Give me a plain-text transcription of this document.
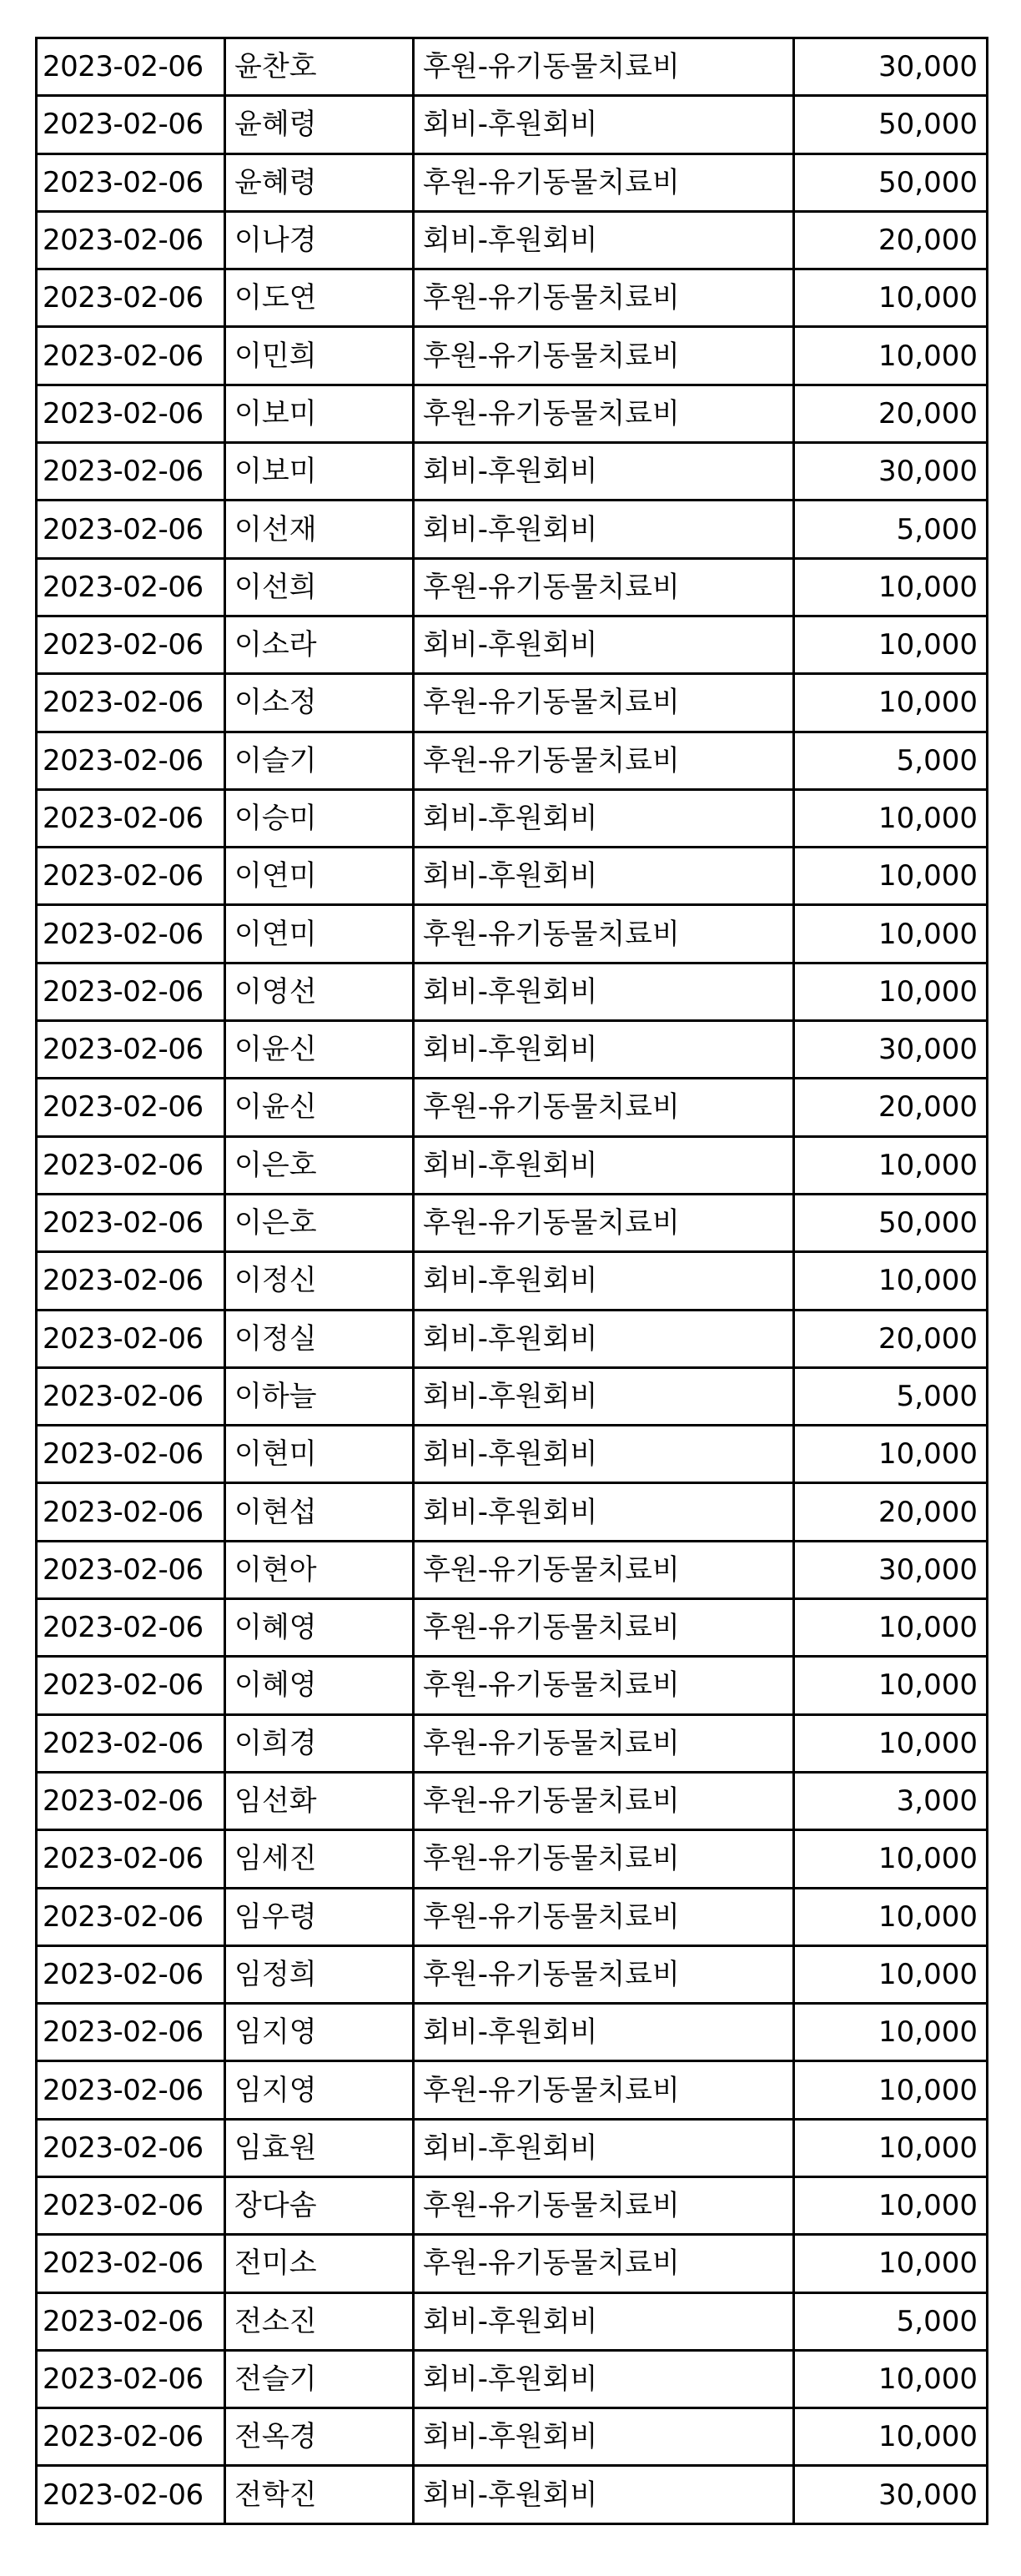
2023-02-06	윤찬호	후원-유기동물치료비	30,000
2023-02-06	윤혜령	회비-후원회비	50,000
2023-02-06	윤혜령	후원-유기동물치료비	50,000
2023-02-06	이나경	회비-후원회비	20,000
2023-02-06	이도연	후원-유기동물치료비	10,000
2023-02-06	이민희	후원-유기동물치료비	10,000
2023-02-06	이보미	후원-유기동물치료비	20,000
2023-02-06	이보미	회비-후원회비	30,000
2023-02-06	이선재	회비-후원회비	5,000
2023-02-06	이선희	후원-유기동물치료비	10,000
2023-02-06	이소라	회비-후원회비	10,000
2023-02-06	이소정	후원-유기동물치료비	10,000
2023-02-06	이슬기	후원-유기동물치료비	5,000
2023-02-06	이승미	회비-후원회비	10,000
2023-02-06	이연미	회비-후원회비	10,000
2023-02-06	이연미	후원-유기동물치료비	10,000
2023-02-06	이영선	회비-후원회비	10,000
2023-02-06	이윤신	회비-후원회비	30,000
2023-02-06	이윤신	후원-유기동물치료비	20,000
2023-02-06	이은호	회비-후원회비	10,000
2023-02-06	이은호	후원-유기동물치료비	50,000
2023-02-06	이정신	회비-후원회비	10,000
2023-02-06	이정실	회비-후원회비	20,000
2023-02-06	이하늘	회비-후원회비	5,000
2023-02-06	이현미	회비-후원회비	10,000
2023-02-06	이현섭	회비-후원회비	20,000
2023-02-06	이현아	후원-유기동물치료비	30,000
2023-02-06	이혜영	후원-유기동물치료비	10,000
2023-02-06	이혜영	후원-유기동물치료비	10,000
2023-02-06	이희경	후원-유기동물치료비	10,000
2023-02-06	임선화	후원-유기동물치료비	3,000
2023-02-06	임세진	후원-유기동물치료비	10,000
2023-02-06	임우령	후원-유기동물치료비	10,000
2023-02-06	임정희	후원-유기동물치료비	10,000
2023-02-06	임지영	회비-후원회비	10,000
2023-02-06	임지영	후원-유기동물치료비	10,000
2023-02-06	임효원	회비-후원회비	10,000
2023-02-06	장다솜	후원-유기동물치료비	10,000
2023-02-06	전미소	후원-유기동물치료비	10,000
2023-02-06	전소진	회비-후원회비	5,000
2023-02-06	전슬기	회비-후원회비	10,000
2023-02-06	전옥경	회비-후원회비	10,000
2023-02-06	전학진	회비-후원회비	30,000
